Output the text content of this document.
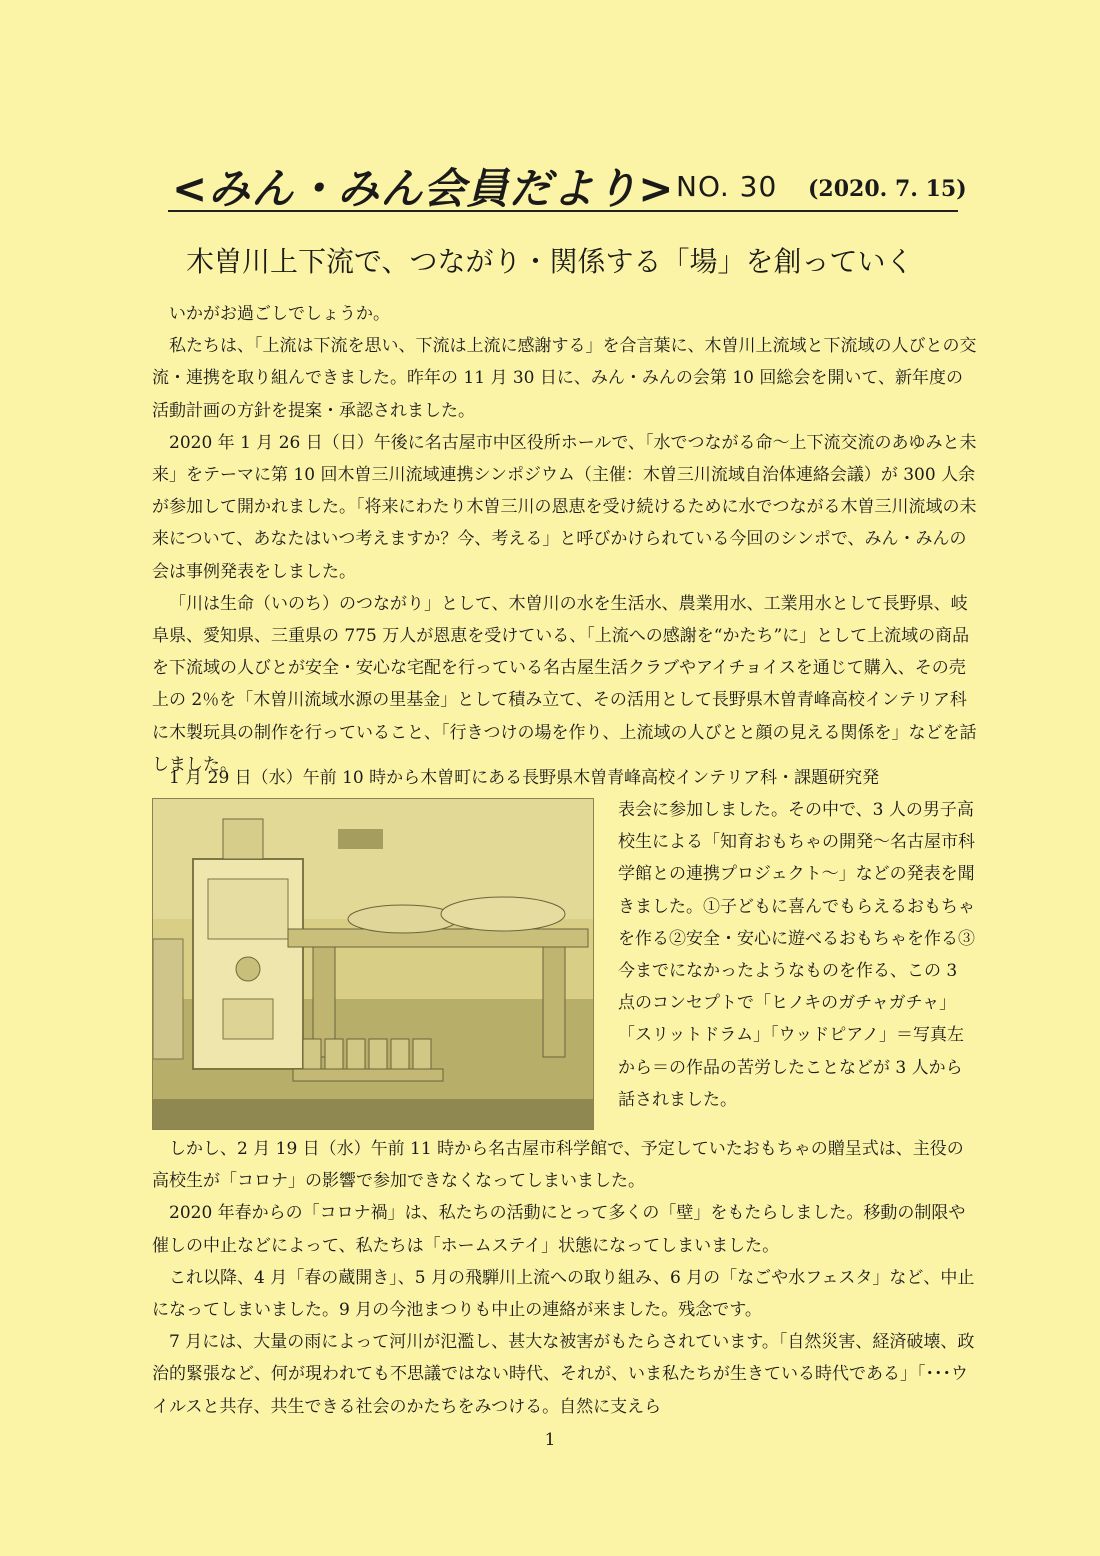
<みん・みん会員だより> NO. 30 (2020. 7. 15)
木曽川上下流で、つながり・関係する「場」を創っていく

いかがお過ごしでしょうか。

私たちは、「上流は下流を思い、下流は上流に感謝する」を合言葉に、木曽川上流域と下流域の人びとの交流・連携を取り組んできました。昨年の 11 月 30 日に、みん・みんの会第 10 回総会を開いて、新年度の活動計画の方針を提案・承認されました。

2020 年 1 月 26 日（日）午後に名古屋市中区役所ホールで、「水でつながる命〜上下流交流のあゆみと未来」をテーマに第 10 回木曽三川流域連携シンポジウム（主催：木曽三川流域自治体連絡会議）が 300 人余が参加して開かれました。「将来にわたり木曽三川の恩恵を受け続けるために水でつながる木曽三川流域の未来について、あなたはいつ考えますか？今、考える」と呼びかけられている今回のシンポで、みん・みんの会は事例発表をしました。

「川は生命（いのち）のつながり」として、木曽川の水を生活水、農業用水、工業用水として長野県、岐阜県、愛知県、三重県の 775 万人が恩恵を受けている、「上流への感謝を“かたち”に」として上流域の商品を下流域の人びとが安全・安心な宅配を行っている名古屋生活クラブやアイチョイスを通じて購入、その売上の 2％を「木曽川流域水源の里基金」として積み立て、その活用として長野県木曽青峰高校インテリア科に木製玩具の制作を行っていること、「行きつけの場を作り、上流域の人びとと顔の見える関係を」などを話しました。

1 月 29 日（水）午前 10 時から木曽町にある長野県木曽青峰高校インテリア科・課題研究発

表会に参加しました。その中で、3 人の男子高校生による「知育おもちゃの開発〜名古屋市科学館との連携プロジェクト〜」などの発表を聞きました。①子どもに喜んでもらえるおもちゃを作る②安全・安心に遊べるおもちゃを作る③今までになかったようなものを作る、この 3 点のコンセプトで「ヒノキのガチャガチャ」「スリットドラム」「ウッドピアノ」＝写真左から＝の作品の苦労したことなどが 3 人から話されました。

しかし、2 月 19 日（水）午前 11 時から名古屋市科学館で、予定していたおもちゃの贈呈式は、主役の高校生が「コロナ」の影響で参加できなくなってしまいました。

2020 年春からの「コロナ禍」は、私たちの活動にとって多くの「壁」をもたらしました。移動の制限や催しの中止などによって、私たちは「ホームステイ」状態になってしまいました。

これ以降、4 月「春の蔵開き」、5 月の飛騨川上流への取り組み、6 月の「なごや水フェスタ」など、中止になってしまいました。9 月の今池まつりも中止の連絡が来ました。残念です。

7 月には、大量の雨によって河川が氾濫し、甚大な被害がもたらされています。「自然災害、経済破壊、政治的緊張など、何が現われても不思議ではない時代、それが、いま私たちが生きている時代である」「･･･ウイルスと共存、共生できる社会のかたちをみつける。自然に支えら

1
